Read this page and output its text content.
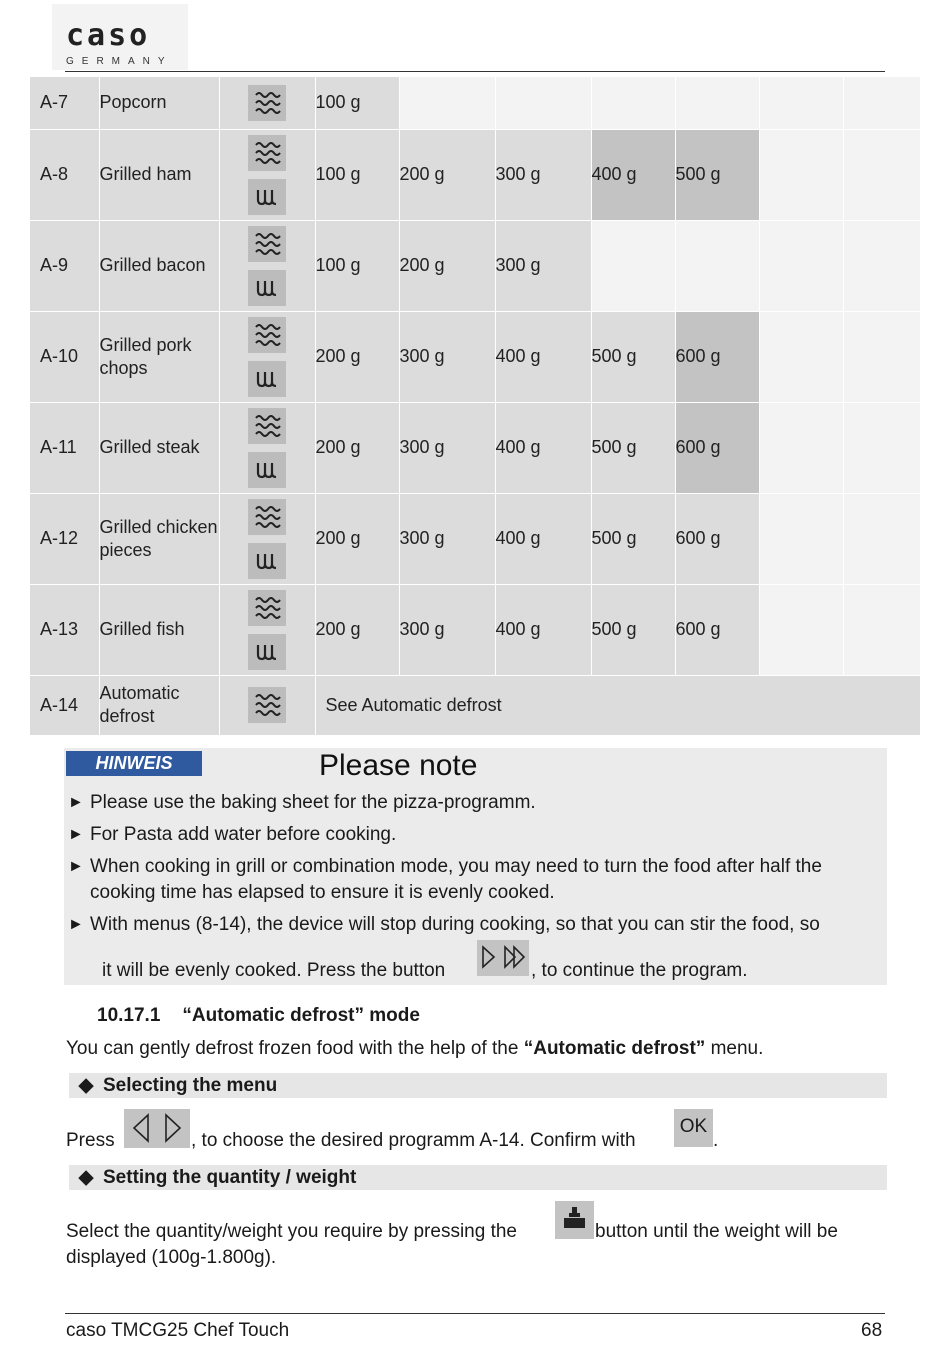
caso
GERMANY
A-7	Popcorn		100 g						
A-8	Grilled ham		100 g	200 g	300 g	400 g	500 g		
A-9	Grilled bacon		100 g	200 g	300 g				
A-10	Grilled pork chops		200 g	300 g	400 g	500 g	600 g		
A-11	Grilled steak		200 g	300 g	400 g	500 g	600 g		
A-12	Grilled chicken pieces		200 g	300 g	400 g	500 g	600 g		
A-13	Grilled fish		200 g	300 g	400 g	500 g	600 g		
A-14	Automatic defrost		See Automatic defrost						
HINWEIS	Please note
► Please use the baking sheet for the pizza-programm.
► For Pasta add water before cooking.
► When cooking in grill or combination mode, you may need to turn the food after half the
cooking time has elapsed to ensure it is evenly cooked.
► With menus (8-14), the device will stop during cooking, so that you can stir the food, so
it will be evenly cooked. Press the button	, to continue the program.
10.17.1 “Automatic defrost” mode
You can gently defrost frozen food with the help of the “Automatic defrost” menu.
◆ Selecting the menu
Press	, to choose the desired programm A-14. Confirm with
OK
.
◆ Setting the quantity / weight
Select the quantity/weight you require by pressing the	button until the weight will be
displayed (100g-1.800g).
caso TMCG25 Chef Touch	68
